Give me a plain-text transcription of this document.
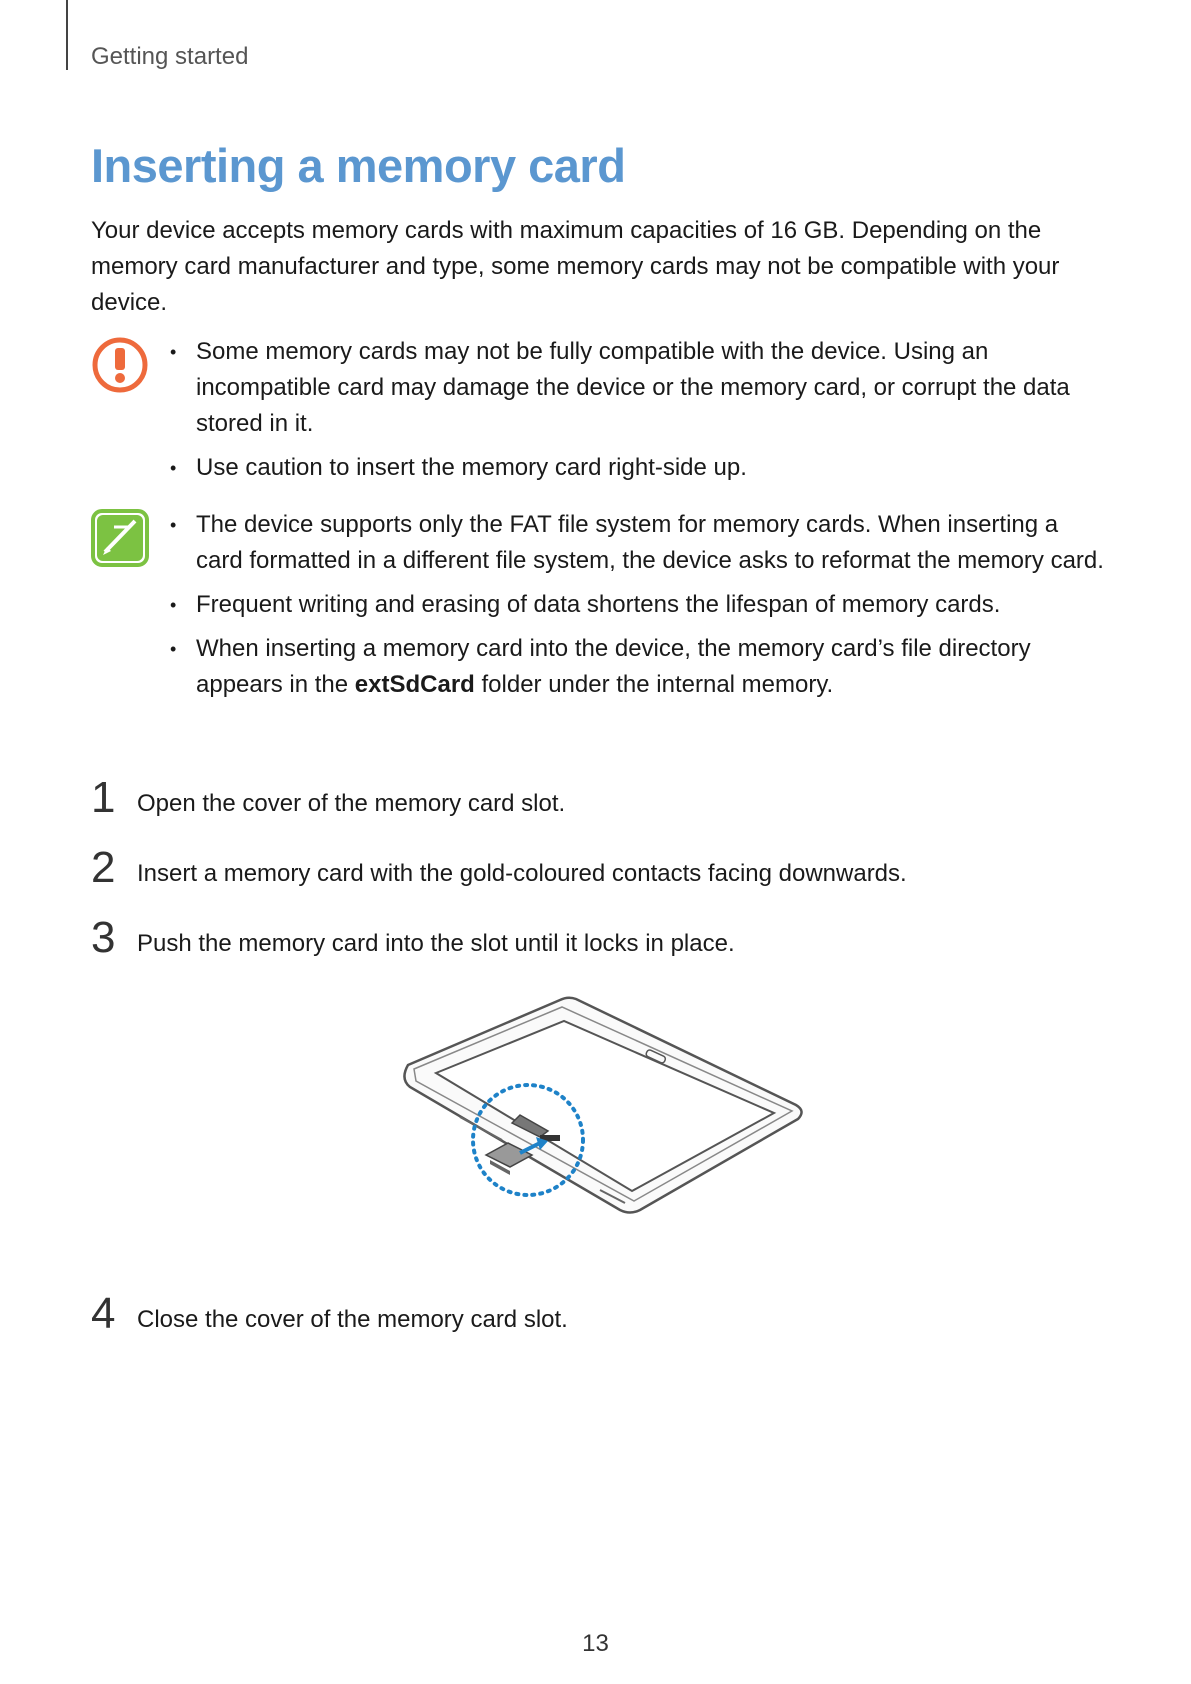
Getting started
Inserting a memory card

Your device accepts memory cards with maximum capacities of 16 GB. Depending on the memory card manufacturer and type, some memory cards may not be compatible with your device.

• Some memory cards may not be fully compatible with the device. Using an incompatible card may damage the device or the memory card, or corrupt the data stored in it.
• Use caution to insert the memory card right-side up.
• The device supports only the FAT file system for memory cards. When inserting a card formatted in a different file system, the device asks to reformat the memory card.
• Frequent writing and erasing of data shortens the lifespan of memory cards.
• When inserting a memory card into the device, the memory card’s file directory appears in the extSdCard folder under the internal memory.
1 Open the cover of the memory card slot.
2 Insert a memory card with the gold-coloured contacts facing downwards.
3 Push the memory card into the slot until it locks in place.
4 Close the cover of the memory card slot.
13
